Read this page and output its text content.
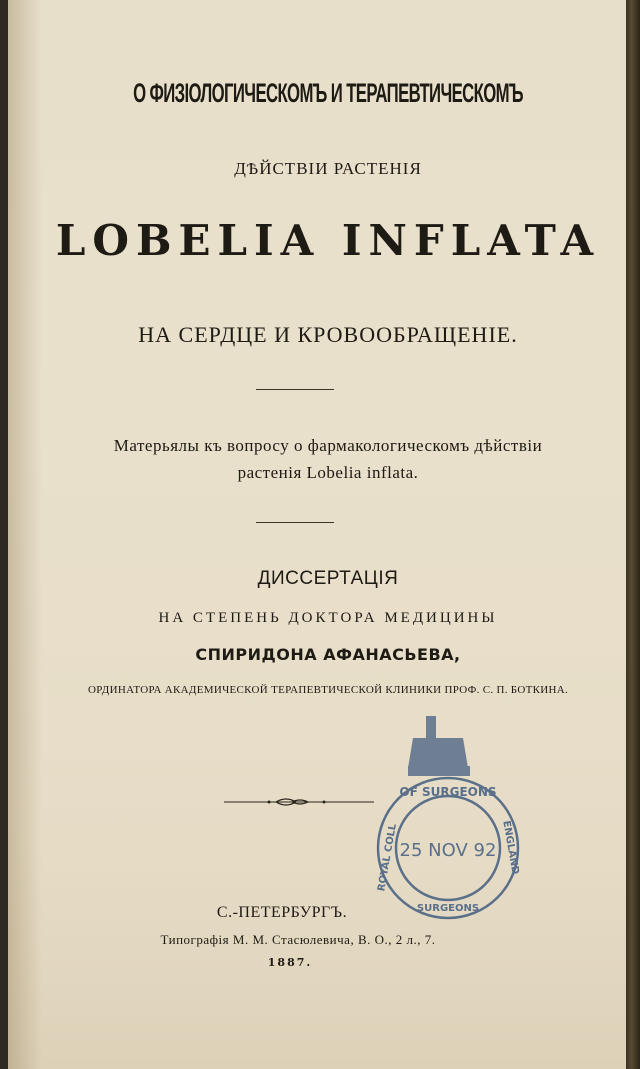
О ФИЗІОЛОГИЧЕСКОМЪ И ТЕРАПЕВТИЧЕСКОМЪ
ДѢЙСТВІИ РАСТЕНІЯ
LOBELIA INFLATA
НА СЕРДЦЕ И КРОВООБРАЩЕНІЕ.
Матерьялы къ вопросу о фармакологическомъ дѣйствіи
растенія Lobelia inflata.
ДИССЕРТАЦІЯ
НА СТЕПЕНЬ ДОКТОРА МЕДИЦИНЫ
СПИРИДОНА АФАНАСЬЕВА,
ОРДИНАТОРА АКАДЕМИЧЕСКОЙ ТЕРАПЕВТИЧЕСКОЙ КЛИНИКИ ПРОФ. С. П. БОТКИНА.
OF SURGEONS
25 NOV 92
ROYAL COLL	ENGLAND
SURGEONS
С.-ПЕТЕРБУРГЪ.
Типографія М. М. Стасюлевича, В. О., 2 л., 7.
1887.
